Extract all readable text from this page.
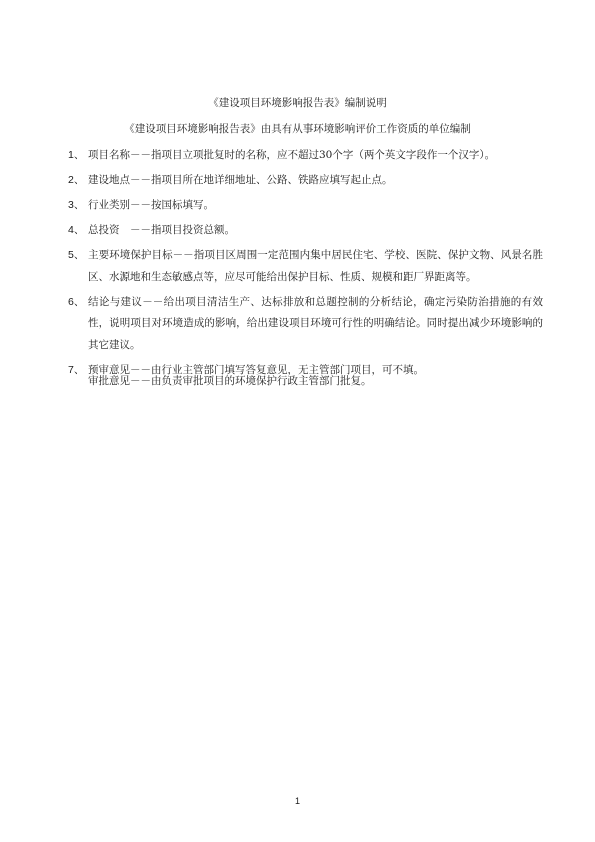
《建设项目环境影响报告表》编制说明
《建设项目环境影响报告表》由具有从事环境影响评价工作资质的单位编制
1、 项目名称－－指项目立项批复时的名称，应不超过30个字（两个英文字段作一个汉字）。
2、 建设地点－－指项目所在地详细地址、公路、铁路应填写起止点。
3、 行业类别－－按国标填写。
4、 总投资　－－指项目投资总额。
5、 主要环境保护目标－－指项目区周围一定范围内集中居民住宅、学校、医院、保护文物、风景名胜区、水源地和生态敏感点等，应尽可能给出保护目标、性质、规模和距厂界距离等。
6、 结论与建议－－给出项目清洁生产、达标排放和总题控制的分析结论，确定污染防治措施的有效性，说明项目对环境造成的影响，给出建设项目环境可行性的明确结论。同时提出减少环境影响的其它建议。
7、 预审意见－－由行业主管部门填写答复意见，无主管部门项目，可不填。
审批意见－－由负责审批项目的环境保护行政主管部门批复。
1
